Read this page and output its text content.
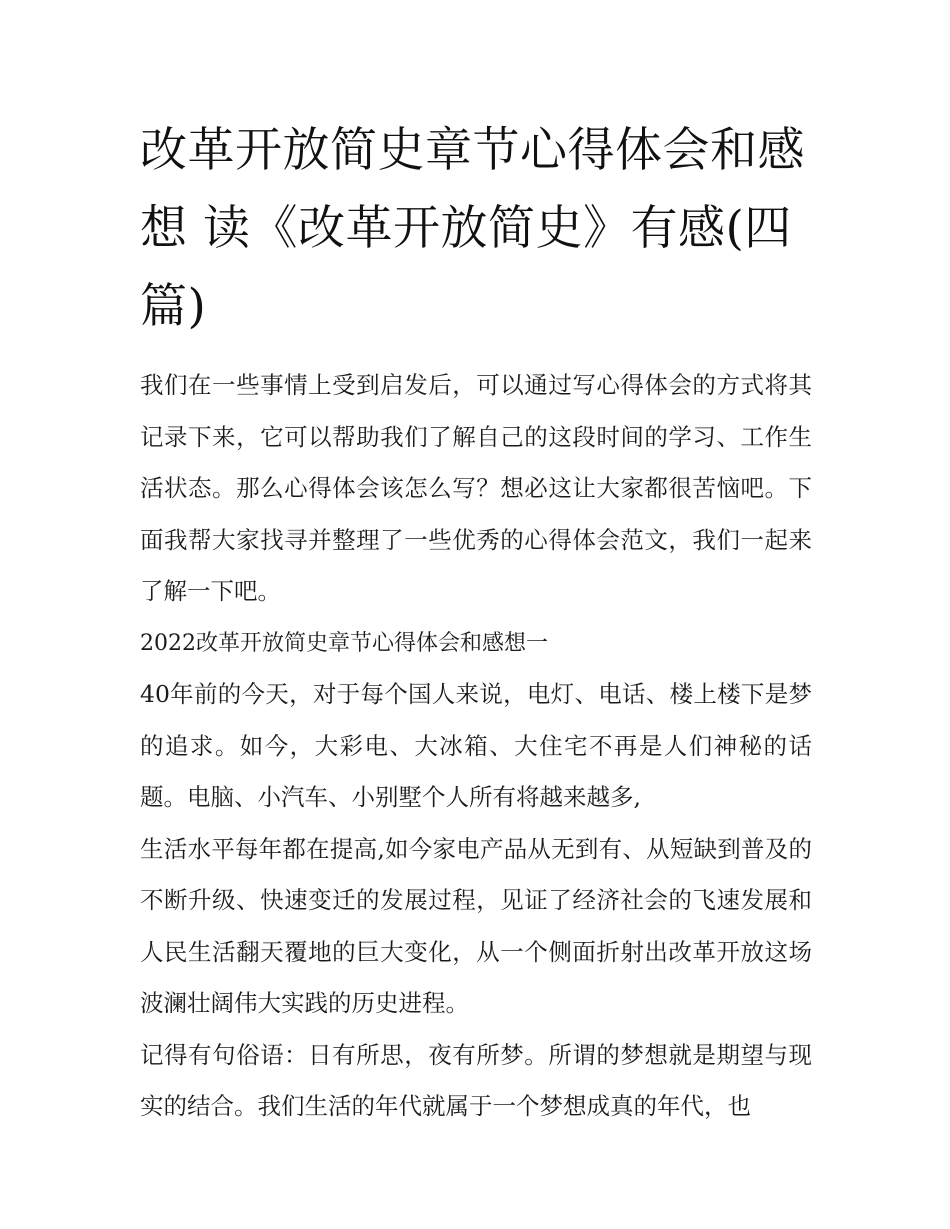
改革开放简史章节心得体会和感想 读《改革开放简史》有感(四篇)

我们在一些事情上受到启发后，可以通过写心得体会的方式将其记录下来，它可以帮助我们了解自己的这段时间的学习、工作生活状态。那么心得体会该怎么写？想必这让大家都很苦恼吧。下面我帮大家找寻并整理了一些优秀的心得体会范文，我们一起来了解一下吧。

2022改革开放简史章节心得体会和感想一

40年前的今天，对于每个国人来说，电灯、电话、楼上楼下是梦的追求。如今，大彩电、大冰箱、大住宅不再是人们神秘的话题。电脑、小汽车、小别墅个人所有将越来越多,

生活水平每年都在提高,如今家电产品从无到有、从短缺到普及的不断升级、快速变迁的发展过程，见证了经济社会的飞速发展和人民生活翻天覆地的巨大变化，从一个侧面折射出改革开放这场波澜壮阔伟大实践的历史进程。

记得有句俗语：日有所思，夜有所梦。所谓的梦想就是期望与现实的结合。我们生活的年代就属于一个梦想成真的年代，也
